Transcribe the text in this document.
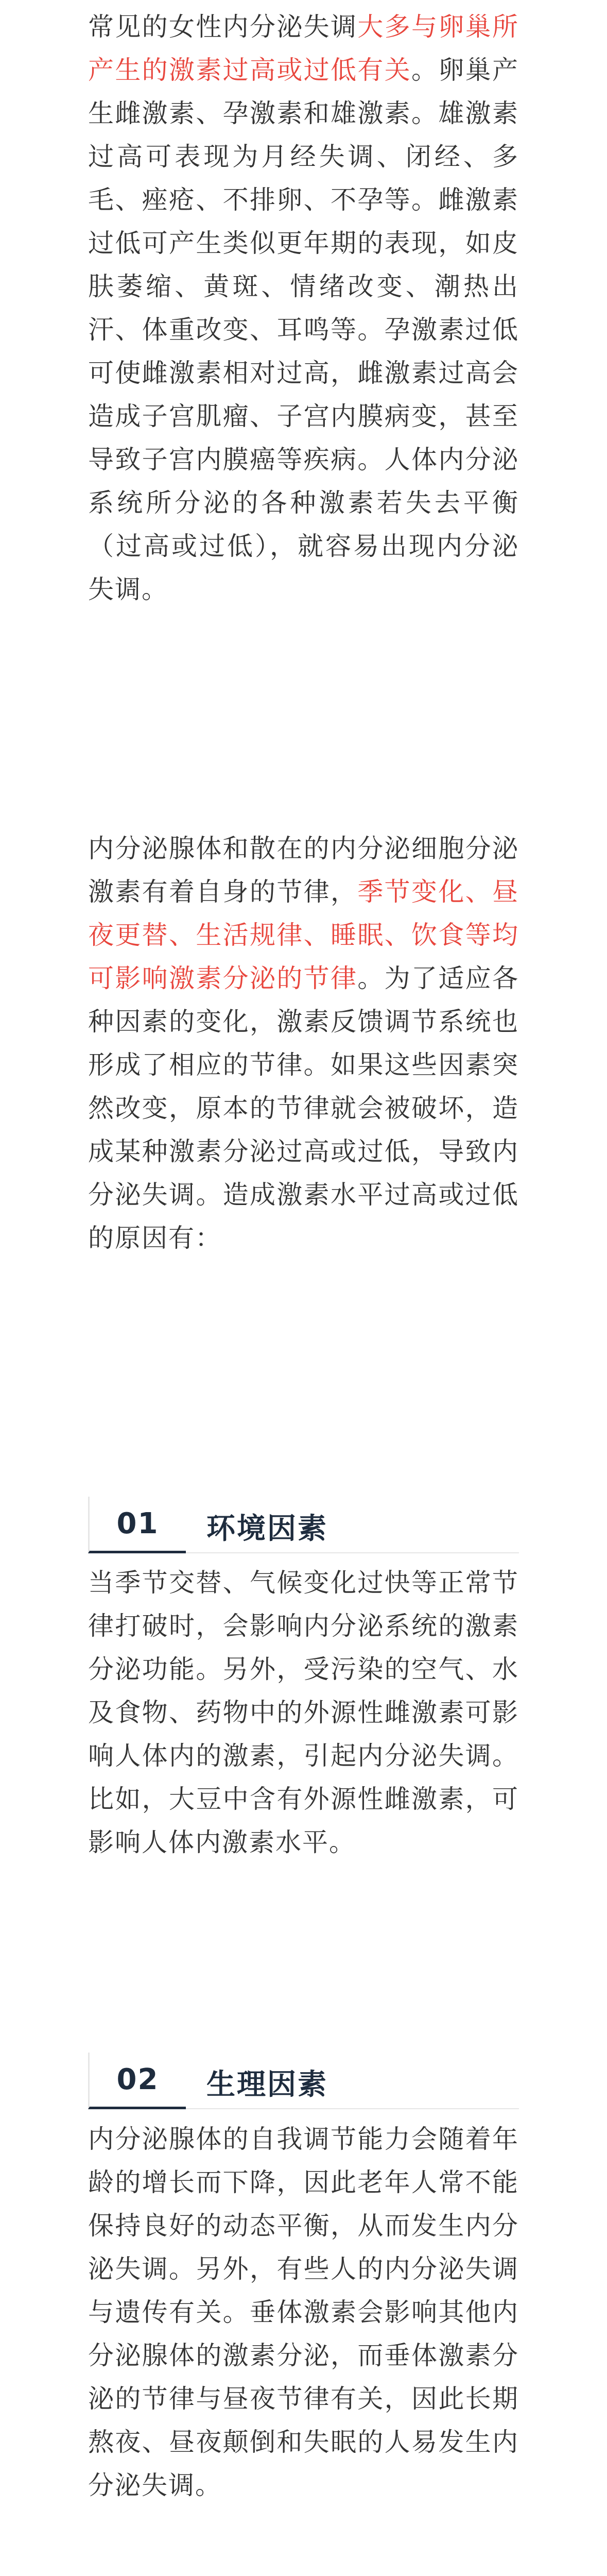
常见的女性内分泌失调大多与卵巢所产生的激素过高或过低有关。卵巢产生雌激素、孕激素和雄激素。雄激素过高可表现为月经失调、闭经、多毛、痤疮、不排卵、不孕等。雌激素过低可产生类似更年期的表现，如皮肤萎缩、黄斑、情绪改变、潮热出汗、体重改变、耳鸣等。孕激素过低可使雌激素相对过高，雌激素过高会造成子宫肌瘤、子宫内膜病变，甚至导致子宫内膜癌等疾病。人体内分泌系统所分泌的各种激素若失去平衡（过高或过低），就容易出现内分泌失调。

内分泌腺体和散在的内分泌细胞分泌激素有着自身的节律，季节变化、昼夜更替、生活规律、睡眠、饮食等均可影响激素分泌的节律。为了适应各种因素的变化，激素反馈调节系统也形成了相应的节律。如果这些因素突然改变，原本的节律就会被破坏，造成某种激素分泌过高或过低，导致内分泌失调。造成激素水平过高或过低的原因有：

01 环境因素

当季节交替、气候变化过快等正常节律打破时，会影响内分泌系统的激素分泌功能。另外，受污染的空气、水及食物、药物中的外源性雌激素可影响人体内的激素，引起内分泌失调。比如，大豆中含有外源性雌激素，可影响人体内激素水平。

02 生理因素

内分泌腺体的自我调节能力会随着年龄的增长而下降，因此老年人常不能保持良好的动态平衡，从而发生内分泌失调。另外，有些人的内分泌失调与遗传有关。垂体激素会影响其他内分泌腺体的激素分泌，而垂体激素分泌的节律与昼夜节律有关，因此长期熬夜、昼夜颠倒和失眠的人易发生内分泌失调。
